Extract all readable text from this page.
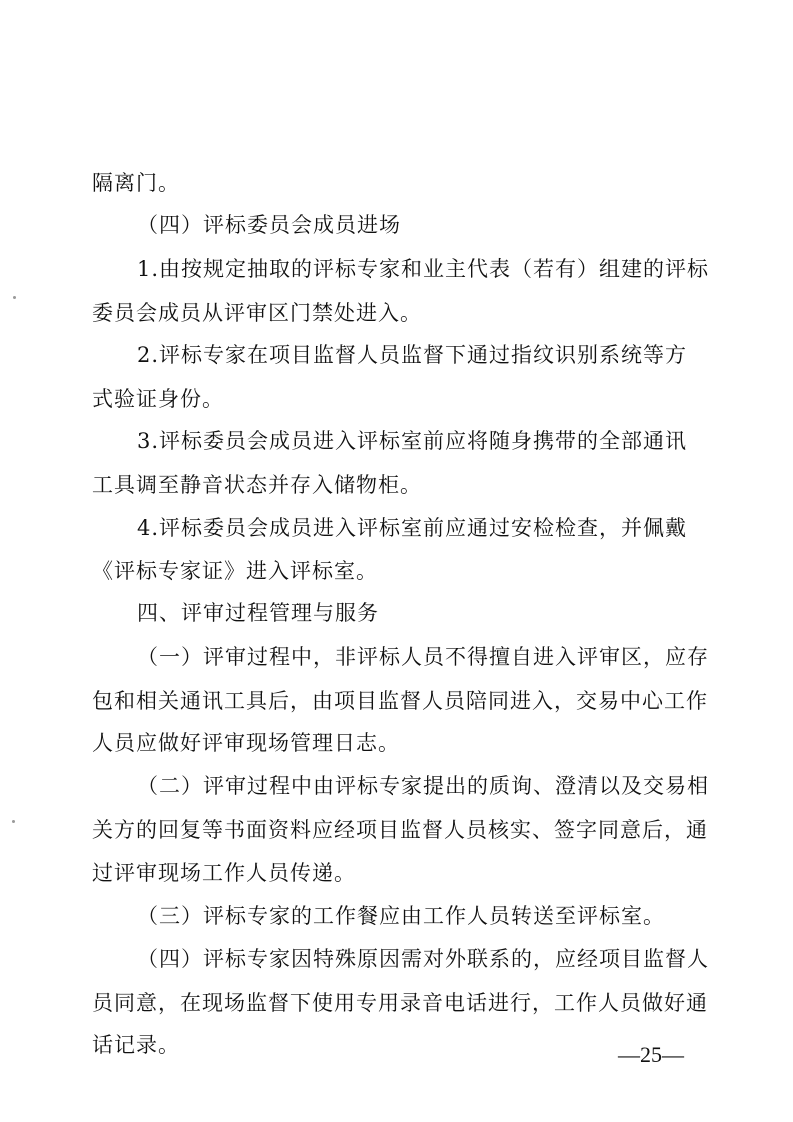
隔离门。
（四）评标委员会成员进场
1.由按规定抽取的评标专家和业主代表（若有）组建的评标
委员会成员从评审区门禁处进入。
2.评标专家在项目监督人员监督下通过指纹识别系统等方
式验证身份。
3.评标委员会成员进入评标室前应将随身携带的全部通讯
工具调至静音状态并存入储物柜。
4.评标委员会成员进入评标室前应通过安检检查，并佩戴
《评标专家证》进入评标室。
四、评审过程管理与服务
（一）评审过程中，非评标人员不得擅自进入评审区，应存
包和相关通讯工具后，由项目监督人员陪同进入，交易中心工作
人员应做好评审现场管理日志。
（二）评审过程中由评标专家提出的质询、澄清以及交易相
关方的回复等书面资料应经项目监督人员核实、签字同意后，通
过评审现场工作人员传递。
（三）评标专家的工作餐应由工作人员转送至评标室。
（四）评标专家因特殊原因需对外联系的，应经项目监督人
员同意，在现场监督下使用专用录音电话进行，工作人员做好通
话记录。	—25—
